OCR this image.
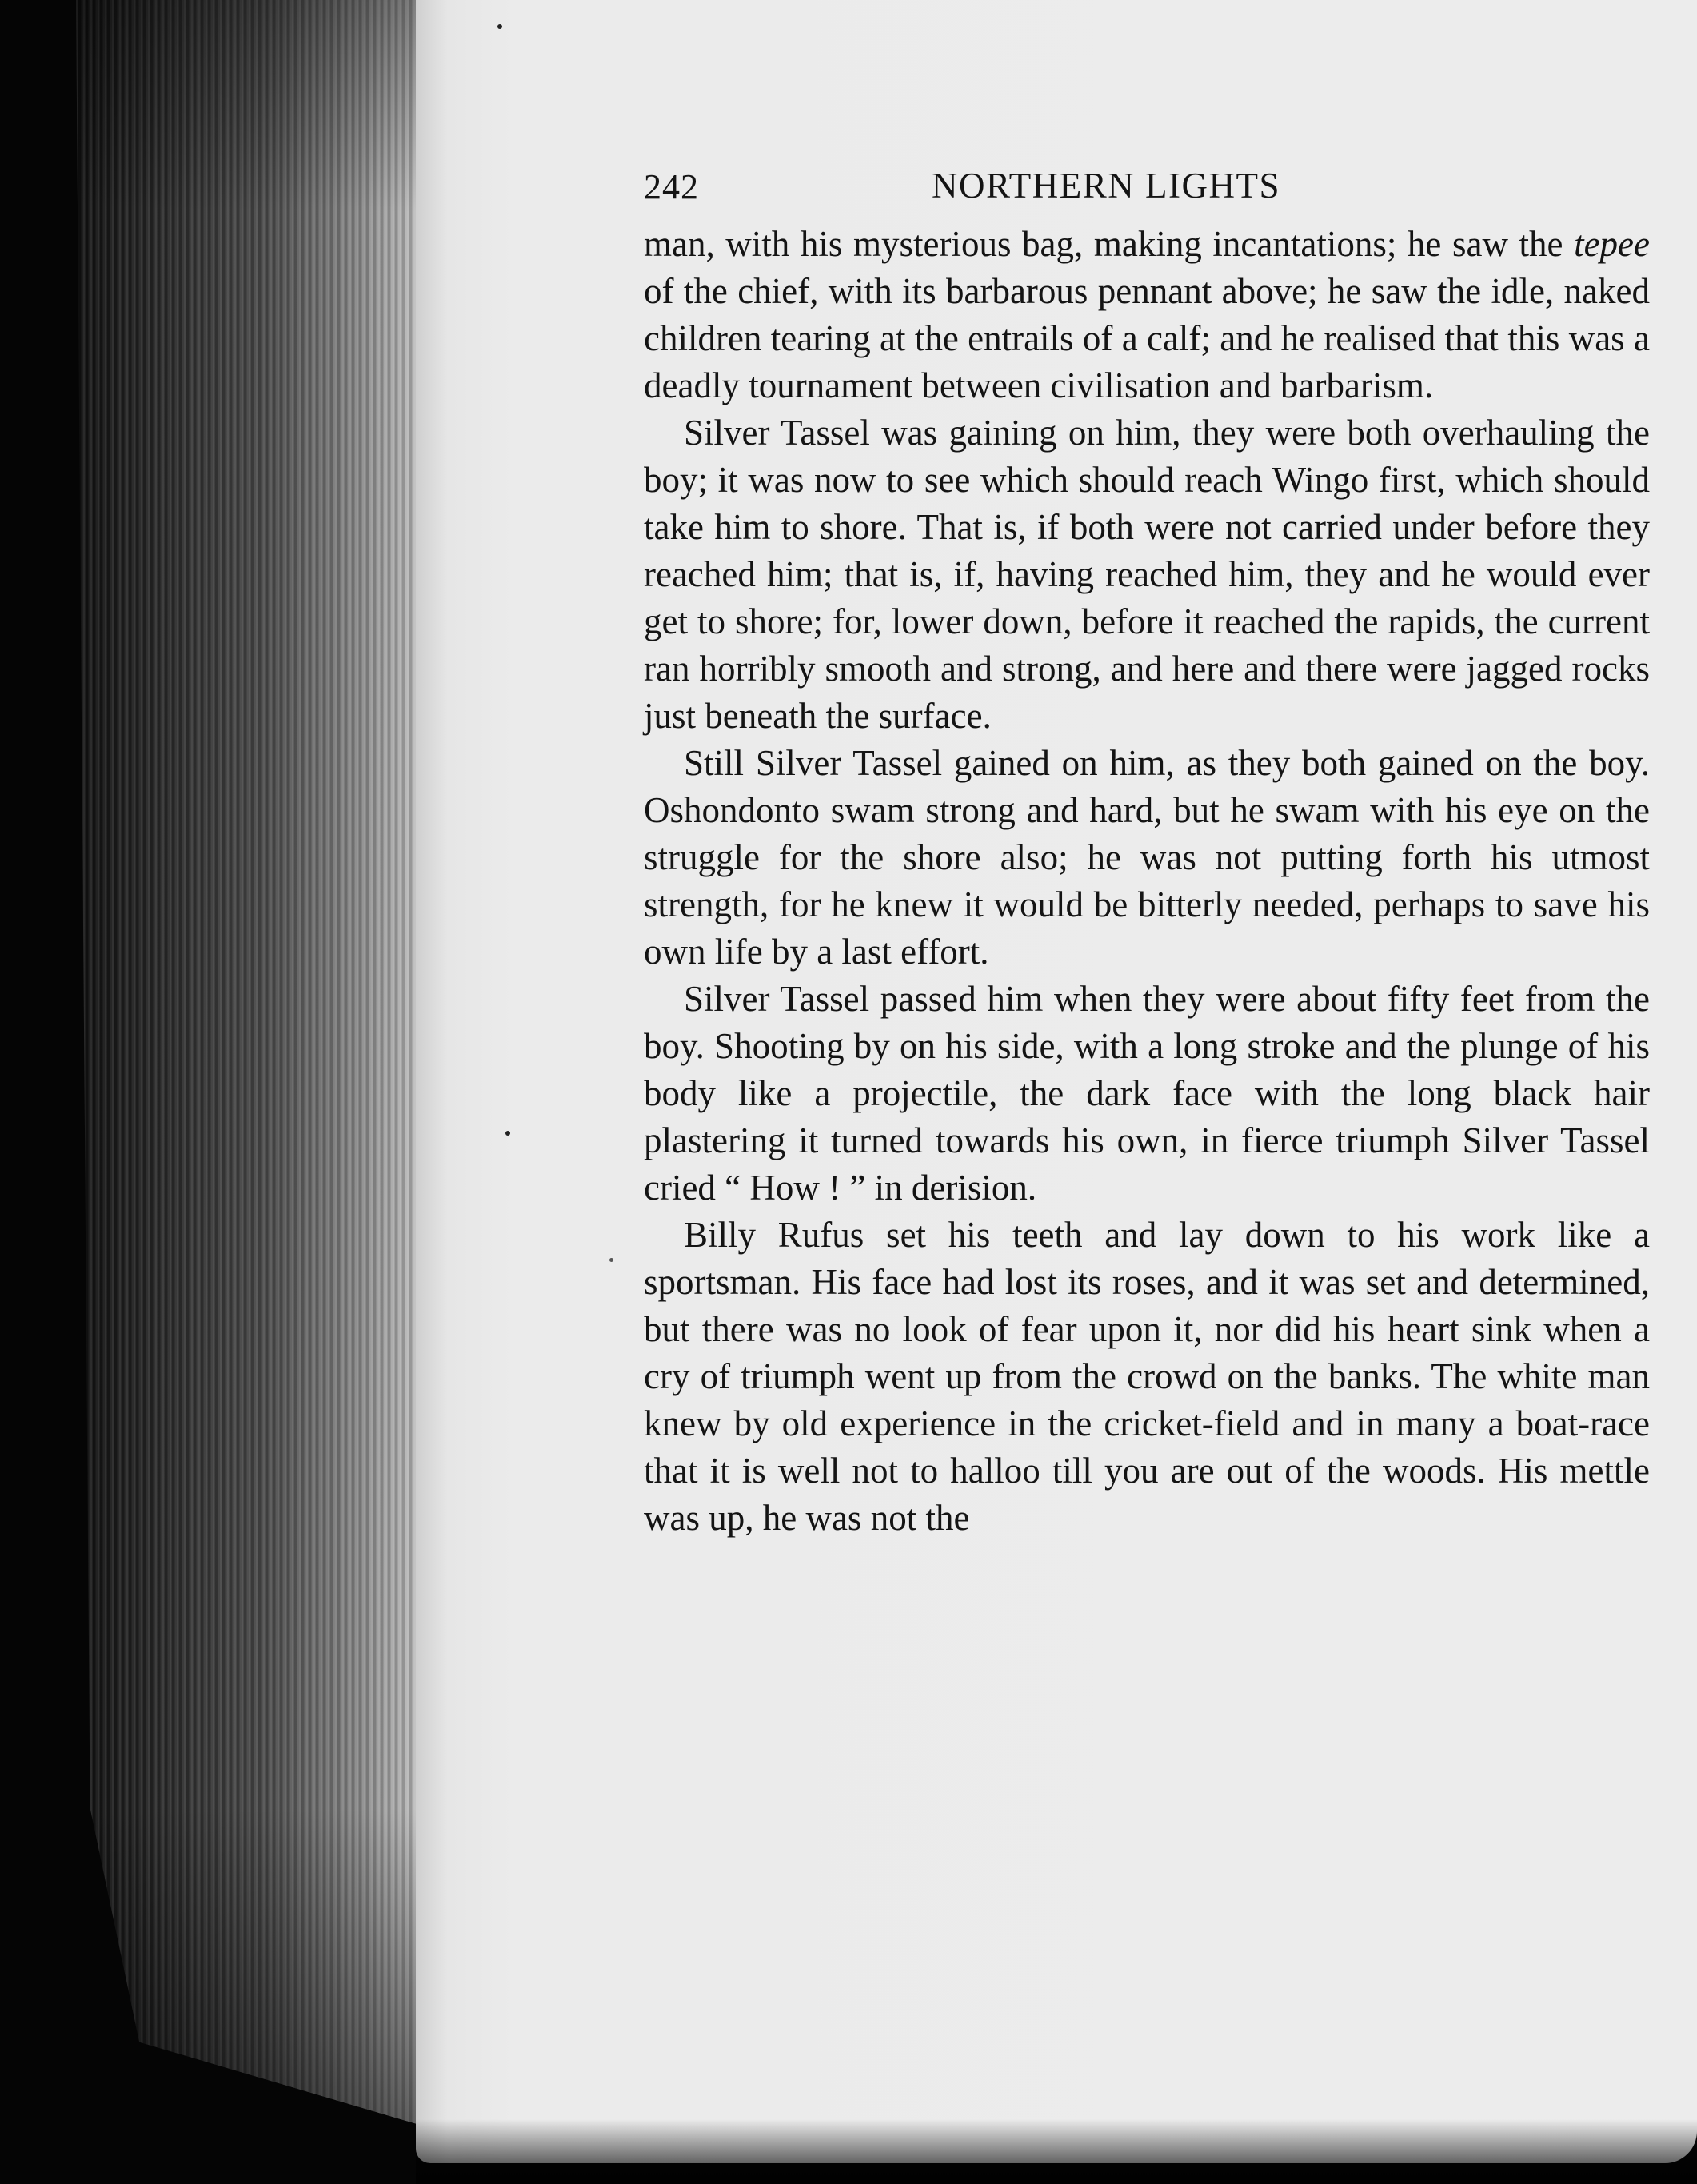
242	NORTHERN LIGHTS

man, with his mysterious bag, making incantations; he saw the tepee of the chief, with its barbarous pennant above; he saw the idle, naked children tearing at the entrails of a calf; and he realised that this was a deadly tournament between civilisation and barbarism.

Silver Tassel was gaining on him, they were both overhauling the boy; it was now to see which should reach Wingo first, which should take him to shore. That is, if both were not carried under before they reached him; that is, if, having reached him, they and he would ever get to shore; for, lower down, before it reached the rapids, the current ran horribly smooth and strong, and here and there were jagged rocks just beneath the surface.

Still Silver Tassel gained on him, as they both gained on the boy. Oshondonto swam strong and hard, but he swam with his eye on the struggle for the shore also; he was not putting forth his utmost strength, for he knew it would be bitterly needed, perhaps to save his own life by a last effort.

Silver Tassel passed him when they were about fifty feet from the boy. Shooting by on his side, with a long stroke and the plunge of his body like a projectile, the dark face with the long black hair plastering it turned towards his own, in fierce triumph Silver Tassel cried “ How ! ” in derision.

Billy Rufus set his teeth and lay down to his work like a sportsman. His face had lost its roses, and it was set and determined, but there was no look of fear upon it, nor did his heart sink when a cry of triumph went up from the crowd on the banks. The white man knew by old experience in the cricket-field and in many a boat-race that it is well not to halloo till you are out of the woods. His mettle was up, he was not the
